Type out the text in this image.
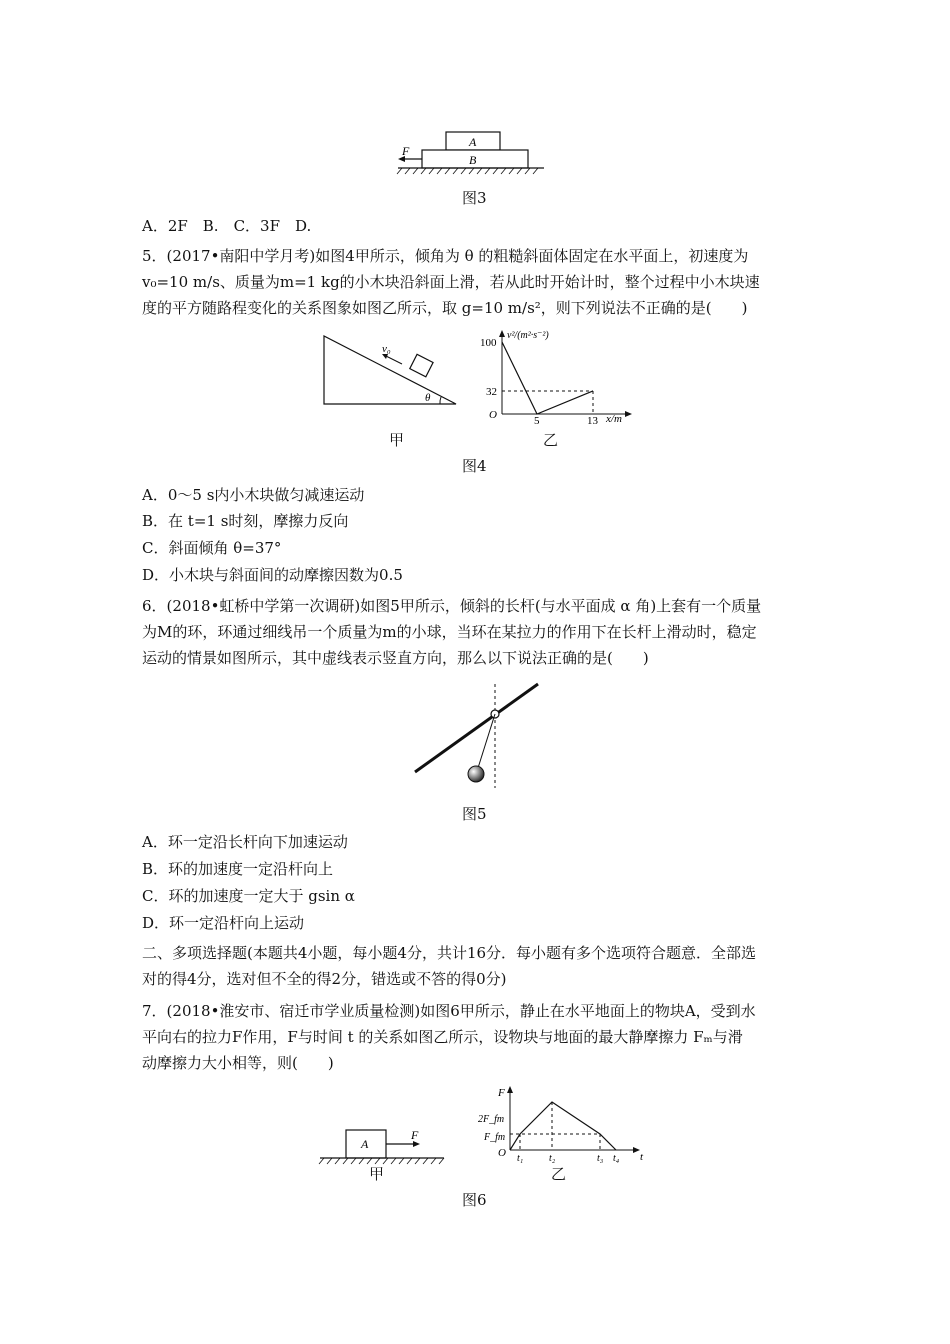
A
B
F
图3
A．2F　B.　C．3F　D.
5．(2017•南阳中学月考)如图4甲所示，倾角为 θ 的粗糙斜面体固定在水平面上，初速度为
v₀=10 m/s、质量为m=1 kg的小木块沿斜面上滑，若从此时开始计时，整个过程中小木块速
度的平方随路程变化的关系图象如图乙所示，取 g=10 m/s²，则下列说法不正确的是(　　)
v₀
θ
v²/(m²·s⁻²)
x/m
O
100
32
5	13
甲	乙
图4
A．0～5 s内小木块做匀减速运动
B．在 t=1 s时刻，摩擦力反向
C．斜面倾角 θ=37°
D．小木块与斜面间的动摩擦因数为0.5
6．(2018•虹桥中学第一次调研)如图5甲所示，倾斜的长杆(与水平面成 α 角)上套有一个质量
为M的环，环通过细线吊一个质量为m的小球，当环在某拉力的作用下在长杆上滑动时，稳定
运动的情景如图所示，其中虚线表示竖直方向，那么以下说法正确的是(　　)
图5
A．环一定沿长杆向下加速运动
B．环的加速度一定沿杆向上
C．环的加速度一定大于 gsin α
D．环一定沿杆向上运动
二、多项选择题(本题共4小题，每小题4分，共计16分．每小题有多个选项符合题意．全部选
对的得4分，选对但不全的得2分，错选或不答的得0分)
7．(2018•淮安市、宿迁市学业质量检测)如图6甲所示，静止在水平地面上的物块A，受到水
平向右的拉力F作用，F与时间 t 的关系如图乙所示，设物块与地面的最大静摩擦力 Fₘ与滑
动摩擦力大小相等，则(　　)
A
F
F
t
O
2F_fm
F_fm
t₁	t₂	t₃ t₄
甲	乙
图6
